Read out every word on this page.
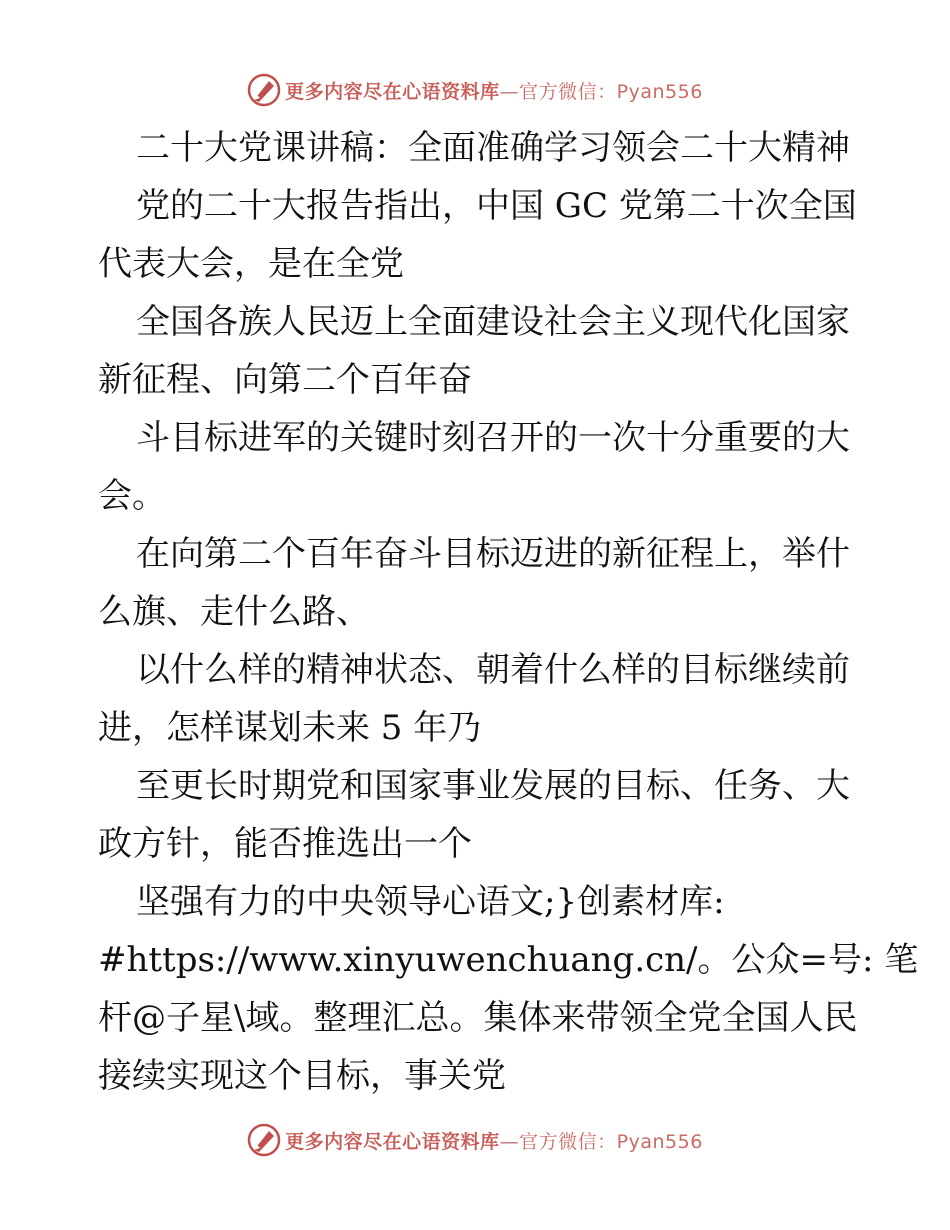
更多内容尽在心语资料库—官方微信：Pyan556
二十大党课讲稿：全面准确学习领会二十大精神
党的二十大报告指出，中国 GC 党第二十次全国
代表大会，是在全党
全国各族人民迈上全面建设社会主义现代化国家
新征程、向第二个百年奋
斗目标进军的关键时刻召开的一次十分重要的大
会。
在向第二个百年奋斗目标迈进的新征程上，举什
么旗、走什么路、
以什么样的精神状态、朝着什么样的目标继续前
进，怎样谋划未来 5 年乃
至更长时期党和国家事业发展的目标、任务、大
政方针，能否推选出一个
坚强有力的中央领导心语文;}创素材库:
#https://www.xinyuwenchuang.cn/。公众=号: 笔
杆@子星\域。整理汇总。集体来带领全党全国人民
接续实现这个目标，事关党
更多内容尽在心语资料库—官方微信：Pyan556
